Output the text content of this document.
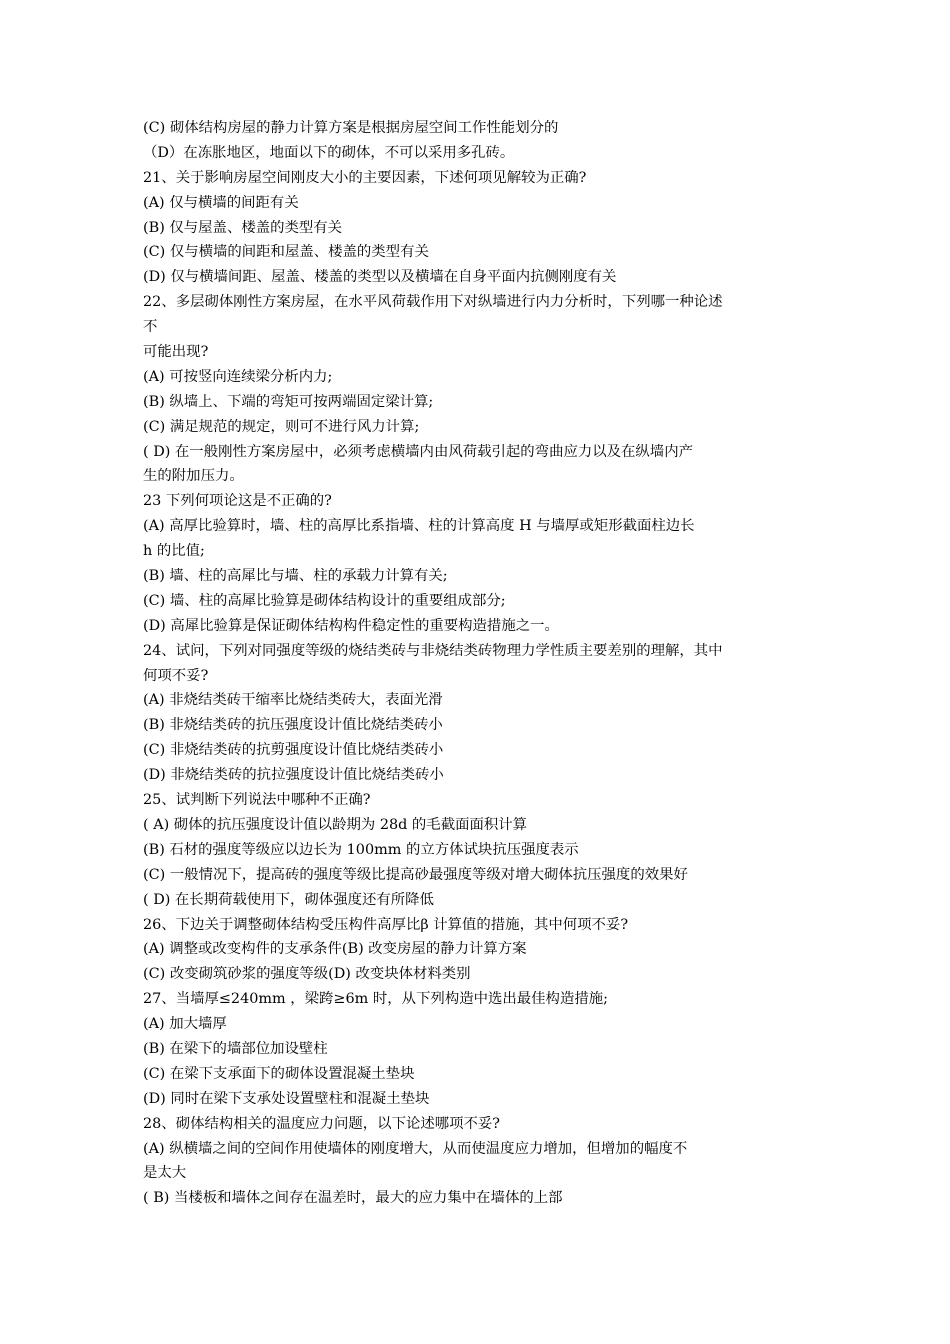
(C) 砌体结构房屋的静力计算方案是根据房屋空间工作性能划分的
（D）在冻胀地区，地面以下的砌体，不可以采用多孔砖。
21、关于影响房屋空间刚皮大小的主要因素，下述何项见解较为正确?
(A) 仅与横墙的间距有关
(B) 仅与屋盖、楼盖的类型有关
(C) 仅与横墙的间距和屋盖、楼盖的类型有关
(D) 仅与横墙间距、屋盖、楼盖的类型以及横墙在自身平面内抗侧刚度有关
22、多层砌体刚性方案房屋，在水平风荷载作用下对纵墙进行内力分析时，下列哪一种论述
不
可能出现?
(A) 可按竖向连续梁分析内力;
(B) 纵墙上、下端的弯矩可按两端固定梁计算;
(C) 满足规范的规定，则可不进行风力计算;
( D) 在一般刚性方案房屋中，必须考虑横墙内由风荷载引起的弯曲应力以及在纵墙内产
生的附加压力。
23 下列何项论这是不正确的?
(A) 高厚比验算时，墙、柱的高厚比系指墙、柱的计算高度 H 与墙厚或矩形截面柱边长
h 的比值;
(B) 墙、柱的高犀比与墙、柱的承载力计算有关;
(C) 墙、柱的高犀比验算是砌体结构设计的重要组成部分;
(D) 高犀比验算是保证砌体结构构件稳定性的重要构造措施之一。
24、试问，下列对同强度等级的烧结类砖与非烧结类砖物理力学性质主要差别的理解，其中
何项不妥?
(A) 非烧结类砖干缩率比烧结类砖大，表面光滑
(B) 非烧结类砖的抗压强度设计值比烧结类砖小
(C) 非烧结类砖的抗剪强度设计值比烧结类砖小
(D) 非烧结类砖的抗拉强度设计值比烧结类砖小
25、试判断下列说法中哪种不正确?
( A) 砌体的抗压强度设计值以龄期为 28d 的毛截面面积计算
(B) 石材的强度等级应以边长为 100mm 的立方体试块抗压强度表示
(C) 一般情况下，提高砖的强度等级比提高砂最强度等级对增大砌体抗压强度的效果好
( D) 在长期荷载使用下，砌体强度还有所降低
26、下边关于调整砌体结构受压构件高厚比β 计算值的措施，其中何项不妥?
(A) 调整或改变构件的支承条件(B) 改变房屋的静力计算方案
(C) 改变砌筑砂浆的强度等级(D) 改变块体材料类别
27、当墙厚≤240mm ，梁跨≥6m 时，从下列构造中选出最佳构造措施;
(A) 加大墙厚
(B) 在梁下的墙部位加设壁柱
(C) 在梁下支承面下的砌体设置混凝土垫块
(D) 同时在梁下支承处设置壁柱和混凝土垫块
28、砌体结构相关的温度应力问题，以下论述哪项不妥?
(A) 纵横墙之间的空间作用使墙体的刚度增大，从而使温度应力增加，但增加的幅度不
是太大
( B) 当楼板和墙体之间存在温差时，最大的应力集中在墙体的上部
